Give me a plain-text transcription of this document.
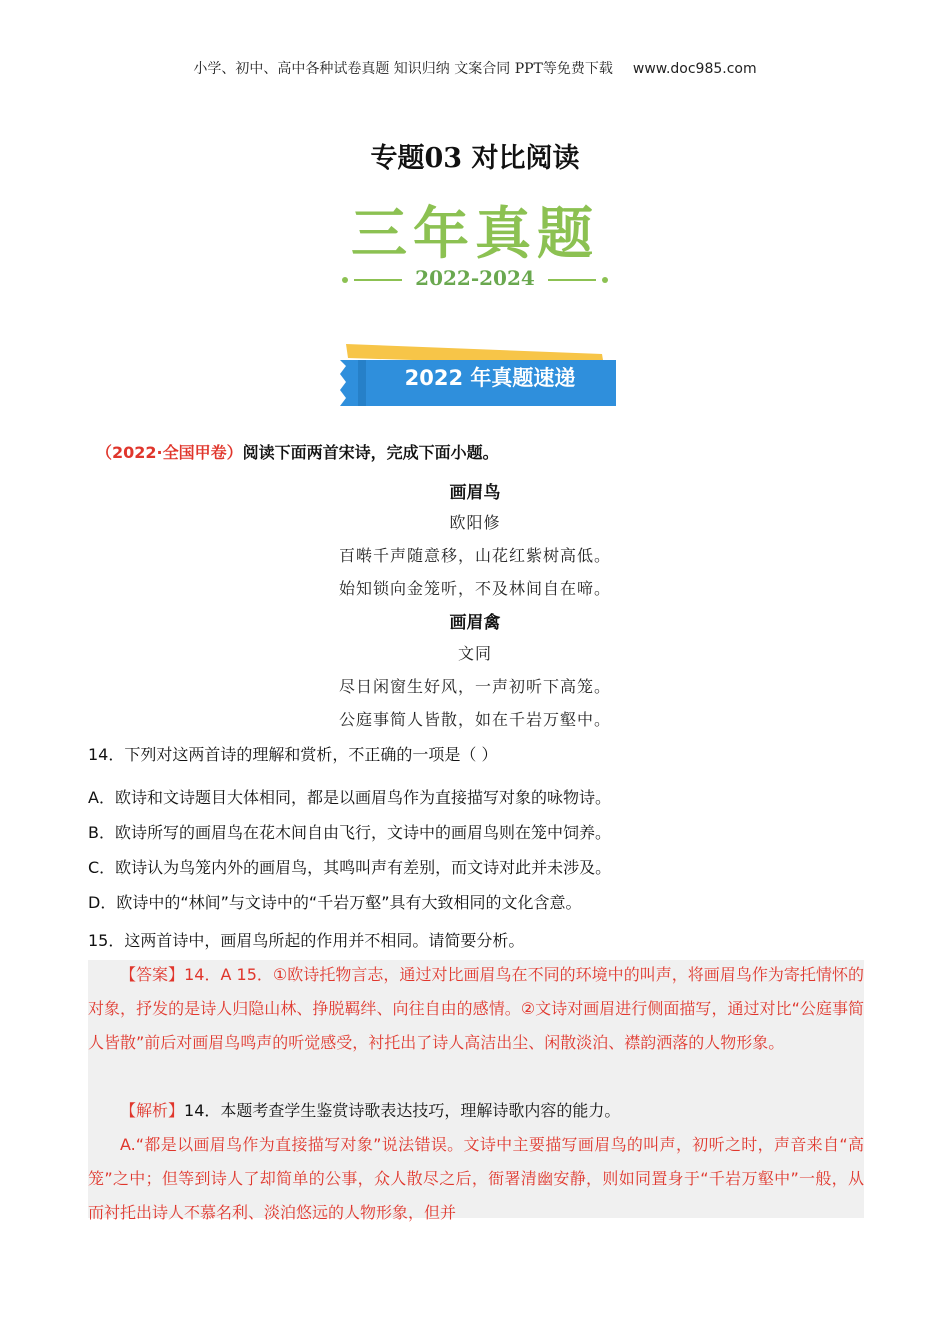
小学、初中、高中各种试卷真题 知识归纳 文案合同 PPT等免费下载 www.doc985.com
专题03 对比阅读
三年真题
2022-2024
2022 年真题速递
（2022·全国甲卷）阅读下面两首宋诗，完成下面小题。
画眉鸟
欧阳修
百啭千声随意移，山花红紫树高低。
始知锁向金笼听，不及林间自在啼。
画眉禽
文同
尽日闲窗生好风，一声初听下高笼。
公庭事简人皆散，如在千岩万壑中。
14．下列对这两首诗的理解和赏析，不正确的一项是（ ）
A．欧诗和文诗题目大体相同，都是以画眉鸟作为直接描写对象的咏物诗。
B．欧诗所写的画眉鸟在花木间自由飞行，文诗中的画眉鸟则在笼中饲养。
C．欧诗认为鸟笼内外的画眉鸟，其鸣叫声有差别，而文诗对此并未涉及。
D．欧诗中的“林间”与文诗中的“千岩万壑”具有大致相同的文化含意。
15．这两首诗中，画眉鸟所起的作用并不相同。请简要分析。
【答案】14．A 15．①欧诗托物言志，通过对比画眉鸟在不同的环境中的叫声，将画眉鸟作为寄托情怀的对象，抒发的是诗人归隐山林、挣脱羁绊、向往自由的感情。②文诗对画眉进行侧面描写，通过对比“公庭事简人皆散”前后对画眉鸟鸣声的听觉感受，衬托出了诗人高洁出尘、闲散淡泊、襟韵洒落的人物形象。
【解析】14．本题考查学生鉴赏诗歌表达技巧，理解诗歌内容的能力。
A.“都是以画眉鸟作为直接描写对象”说法错误。文诗中主要描写画眉鸟的叫声，初听之时，声音来自“高笼”之中；但等到诗人了却简单的公事，众人散尽之后，衙署清幽安静，则如同置身于“千岩万壑中”一般，从而衬托出诗人不慕名利、淡泊悠远的人物形象，但并
